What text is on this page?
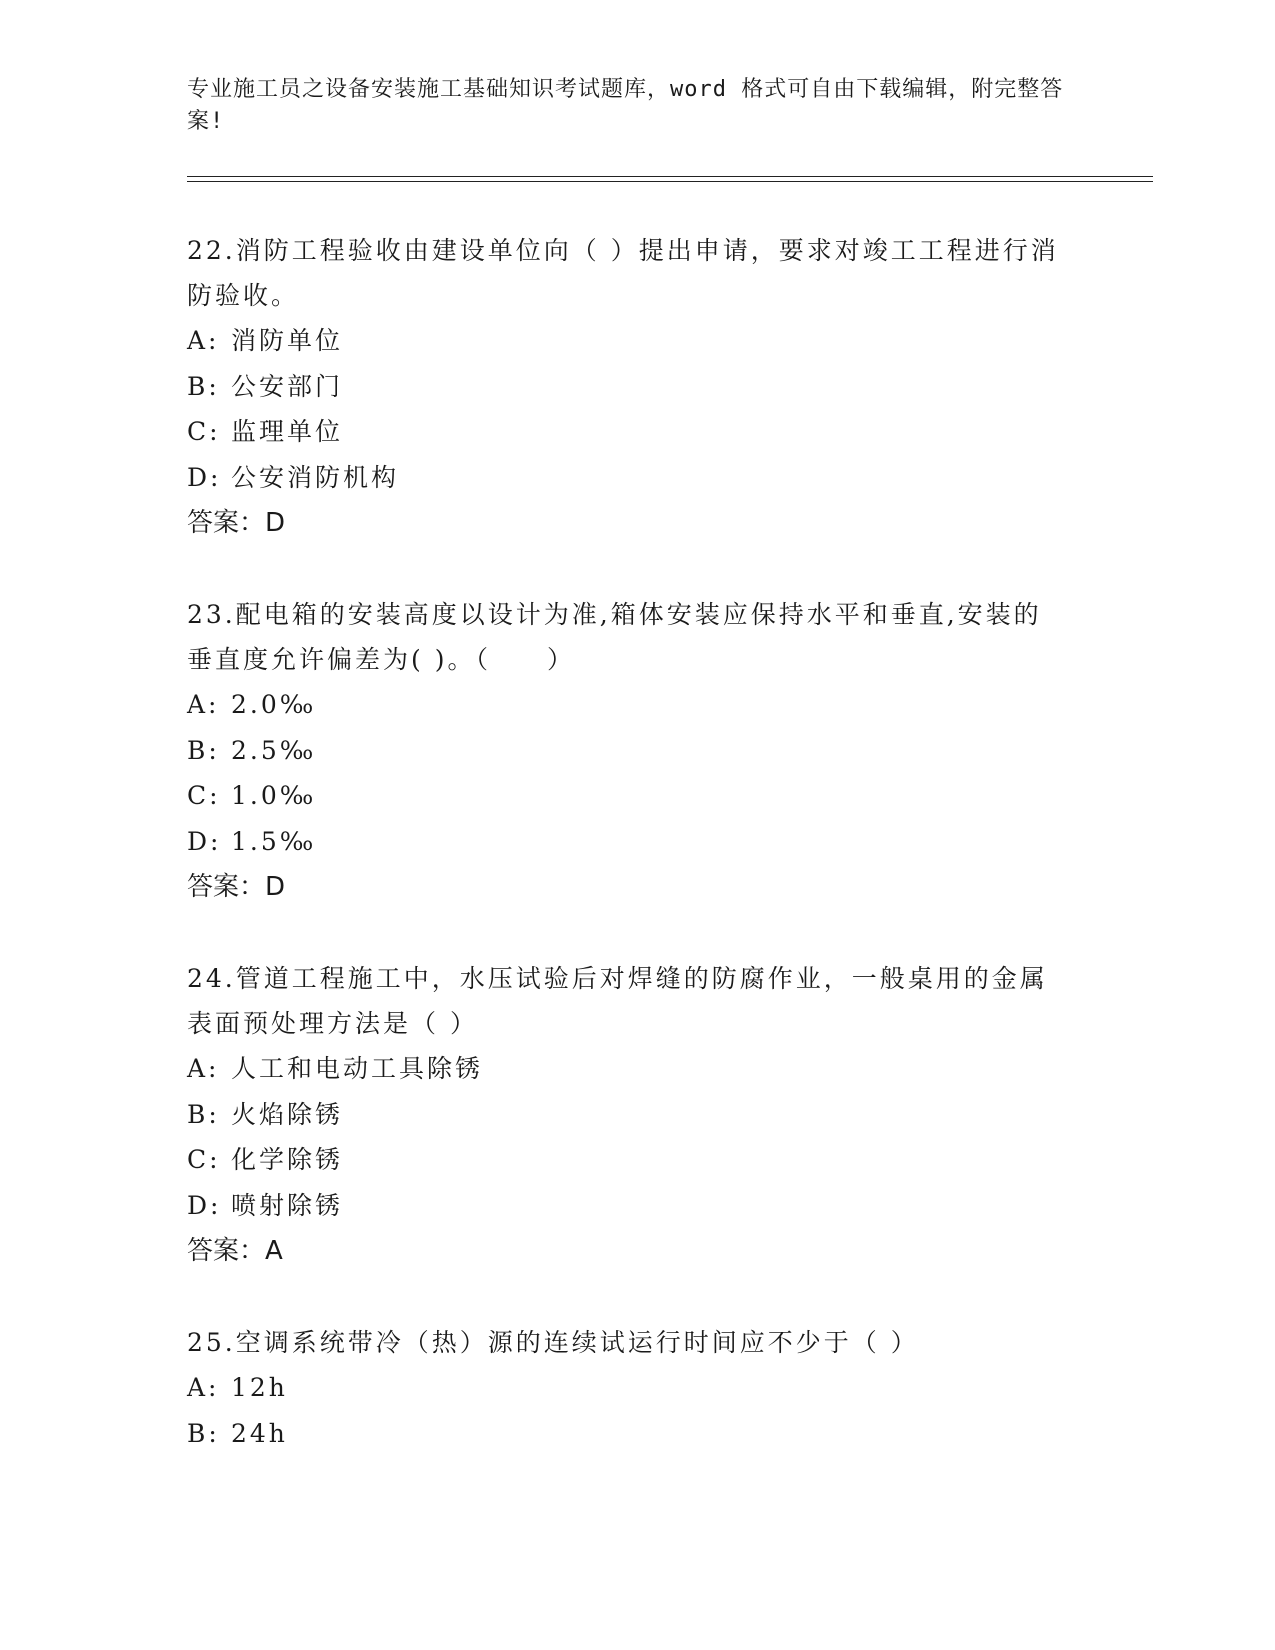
专业施工员之设备安装施工基础知识考试题库，word 格式可自由下载编辑，附完整答案!

22.消防工程验收由建设单位向（ ）提出申请，要求对竣工工程进行消防验收。

A: 消防单位

B: 公安部门

C: 监理单位

D: 公安消防机构

答案：D

23.配电箱的安装高度以设计为准,箱体安装应保持水平和垂直,安装的垂直度允许偏差为( )。（　　）

A: 2.0‰

B: 2.5‰

C: 1.0‰

D: 1.5‰

答案：D

24.管道工程施工中，水压试验后对焊缝的防腐作业，一般桌用的金属表面预处理方法是（ ）

A: 人工和电动工具除锈

B: 火焰除锈

C: 化学除锈

D: 喷射除锈

答案：A

25.空调系统带冷（热）源的连续试运行时间应不少于（ ）

A: 12h

B: 24h
